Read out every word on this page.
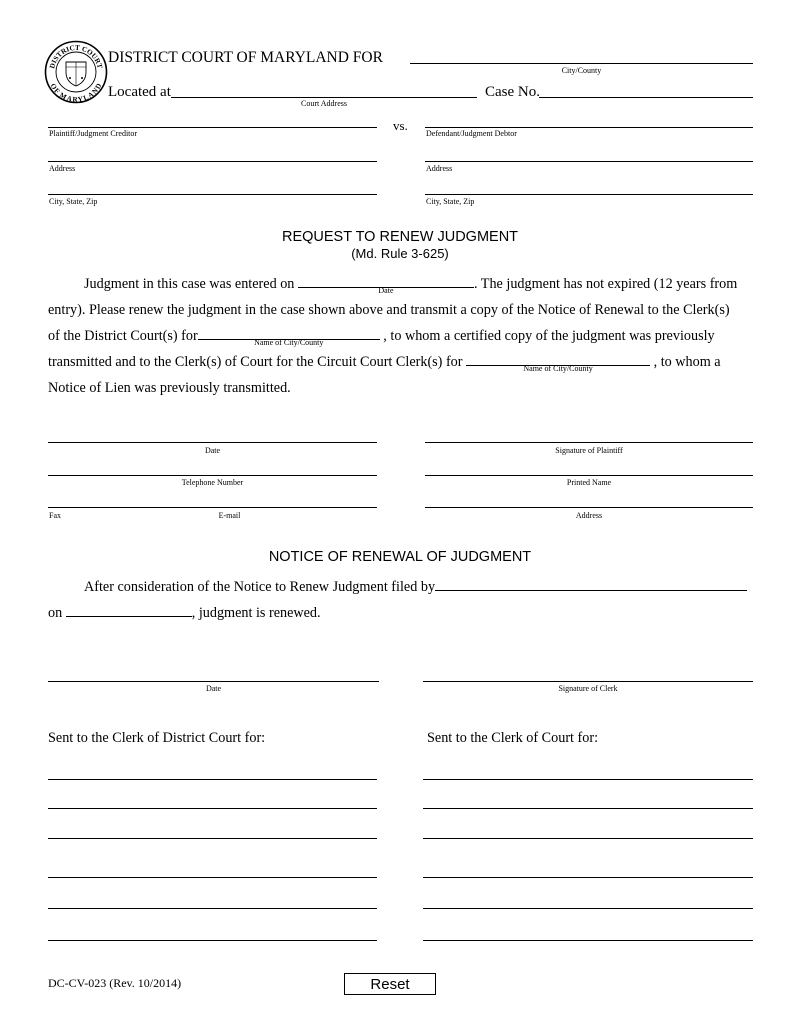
DISTRICT COURT
OF MARYLAND
DISTRICT COURT OF MARYLAND FOR
City/County
Located at
Court Address
Case No.
Plaintiff/Judgment Creditor
vs.
Defendant/Judgment Debtor
Address	Address
City, State, Zip	City, State, Zip
REQUEST TO RENEW JUDGMENT
(Md. Rule 3-625)
Judgment in this case was entered on	Date	. The judgment has not expired (12 years from
entry). Please renew the judgment in the case shown above and transmit a copy of the Notice of Renewal to the Clerk(s)
of the District Court(s) for	Name of City/County	, to whom a certified copy of the judgment was previously
transmitted and to the Clerk(s) of Court for the Circuit Court Clerk(s) for	Name of City/County	, to whom a
Notice of Lien was previously transmitted.
Date	Signature of Plaintiff
Telephone Number	Printed Name
Fax	E-mail	Address
NOTICE OF RENEWAL OF JUDGMENT
After consideration of the Notice to Renew Judgment filed by
on	, judgment is renewed.
Date	Signature of Clerk
Sent to the Clerk of District Court for:	Sent to the Clerk of Court for:
DC-CV-023 (Rev. 10/2014)	Reset
